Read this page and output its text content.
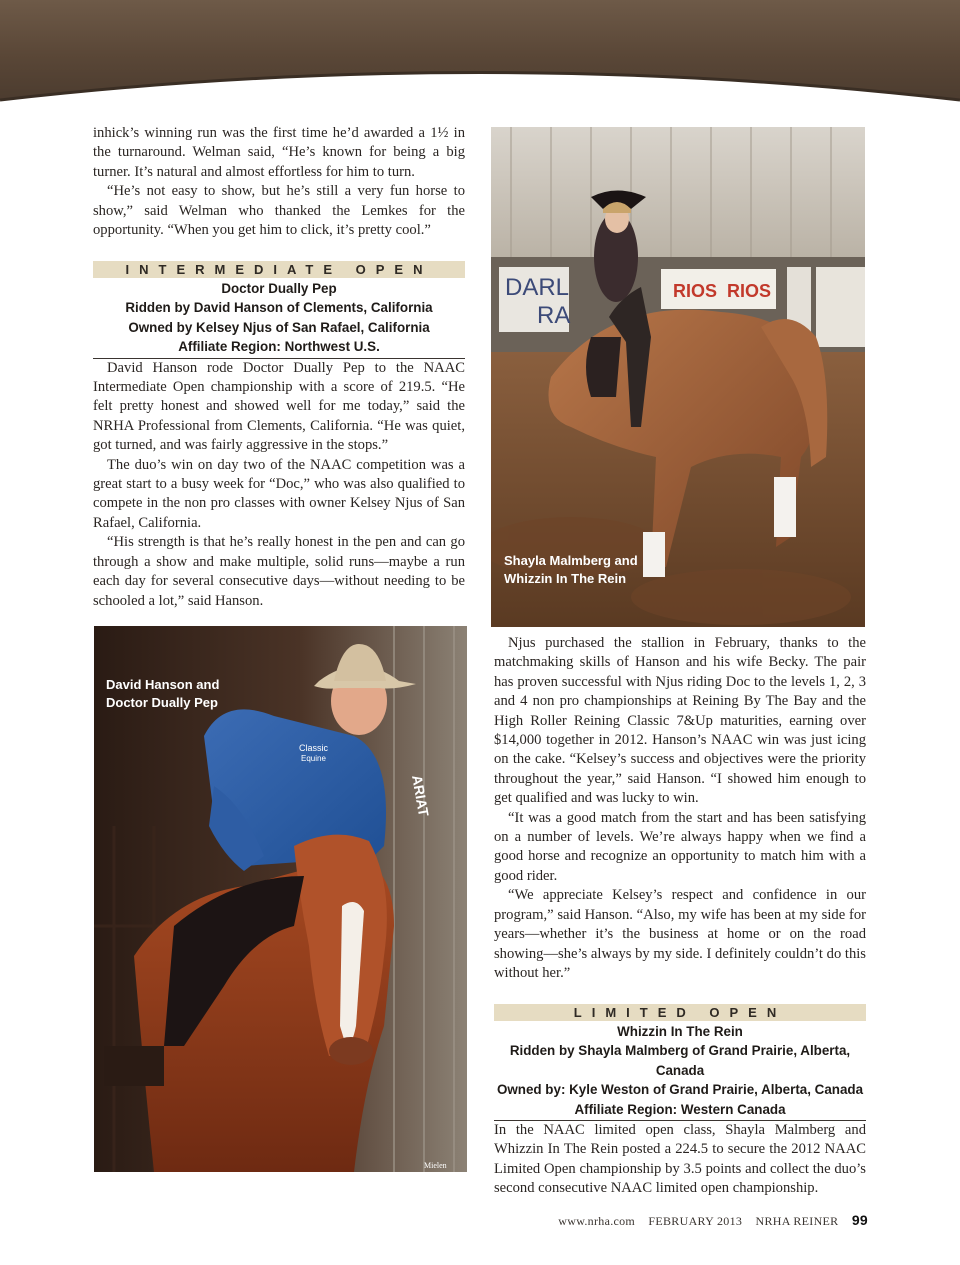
inhick’s winning run was the first time he’d awarded a 1½ in the turnaround. Welman said, “He’s known for being a big turner. It’s natural and almost effortless for him to turn.

“He’s not easy to show, but he’s still a very fun horse to show,” said Welman who thanked the Lemkes for the opportunity. “When you get him to click, it’s pretty cool.”

INTERMEDIATE OPEN
Doctor Dually Pep
Ridden by David Hanson of Clements, California
Owned by Kelsey Njus of San Rafael, California
Affiliate Region: Northwest U.S.

David Hanson rode Doctor Dually Pep to the NAAC Intermediate Open championship with a score of 219.5. “He felt pretty honest and showed well for me today,” said the NRHA Professional from Clements, California. “He was quiet, got turned, and was fairly aggressive in the stops.”

The duo’s win on day two of the NAAC competition was a great start to a busy week for “Doc,” who was also qualified to compete in the non pro classes with owner Kelsey Njus of San Rafael, California.

“His strength is that he’s really honest in the pen and can go through a show and make multiple, solid runs—maybe a run each day for several consecutive days—without needing to be schooled a lot,” said Hanson.

DARL
RA
RIOS RIOS
Shayla Malmberg and
Whizzin In The Rein
Classic
Equine
ARIAT
Mielen
David Hanson and
Doctor Dually Pep

Njus purchased the stallion in February, thanks to the matchmaking skills of Hanson and his wife Becky. The pair has proven successful with Njus riding Doc to the levels 1, 2, 3 and 4 non pro championships at Reining By The Bay and the High Roller Reining Classic 7&Up maturities, earning over $14,000 together in 2012. Hanson’s NAAC win was just icing on the cake. “Kelsey’s success and objectives were the priority throughout the year,” said Hanson. “I showed him enough to get qualified and was lucky to win.

“It was a good match from the start and has been satisfying on a number of levels. We’re always happy when we find a good horse and recognize an opportunity to match him with a good rider.

“We appreciate Kelsey’s respect and confidence in our program,” said Hanson. “Also, my wife has been at my side for years—whether it’s the business at home or on the road showing—she’s always by my side. I definitely couldn’t do this without her.”

LIMITED OPEN
Whizzin In The Rein
Ridden by Shayla Malmberg of Grand Prairie, Alberta, Canada
Owned by: Kyle Weston of Grand Prairie, Alberta, Canada
Affiliate Region: Western Canada

In the NAAC limited open class, Shayla Malmberg and Whizzin In The Rein posted a 224.5 to secure the 2012 NAAC Limited Open championship by 3.5 points and collect the duo’s second consecutive NAAC limited open championship.

www.nrha.com FEBRUARY 2013 NRHA REINER 99
